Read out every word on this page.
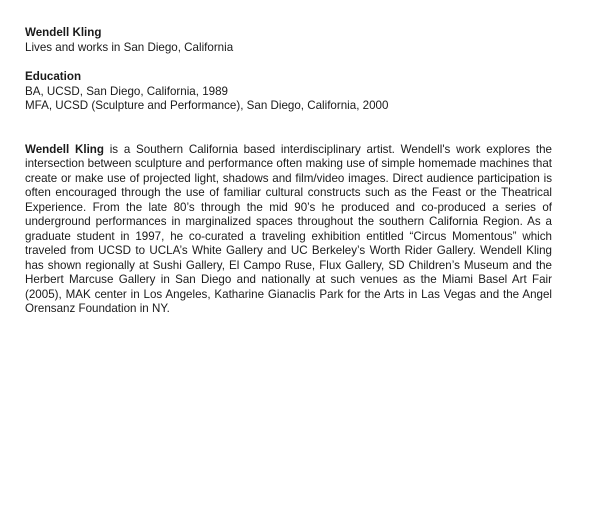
Wendell Kling
Lives and works in San Diego, California
Education
BA, UCSD, San Diego, California, 1989
MFA, UCSD (Sculpture and Performance), San Diego, California, 2000

Wendell Kling is a Southern California based interdisciplinary artist. Wendell's work explores the intersection between sculpture and performance often making use of simple homemade machines that create or make use of projected light, shadows and film/video images. Direct audience participation is often encouraged through the use of familiar cultural constructs such as the Feast or the Theatrical Experience. From the late 80’s through the mid 90’s he produced and co-produced a series of underground performances in marginalized spaces throughout the southern California Region. As a graduate student in 1997, he co-curated a traveling exhibition entitled “Circus Momentous” which traveled from UCSD to UCLA’s White Gallery and UC Berkeley’s Worth Rider Gallery. Wendell Kling has shown regionally at Sushi Gallery, El Campo Ruse, Flux Gallery, SD Children’s Museum and the Herbert Marcuse Gallery in San Diego and nationally at such venues as the Miami Basel Art Fair (2005), MAK center in Los Angeles, Katharine Gianaclis Park for the Arts in Las Vegas and the Angel Orensanz Foundation in NY.
